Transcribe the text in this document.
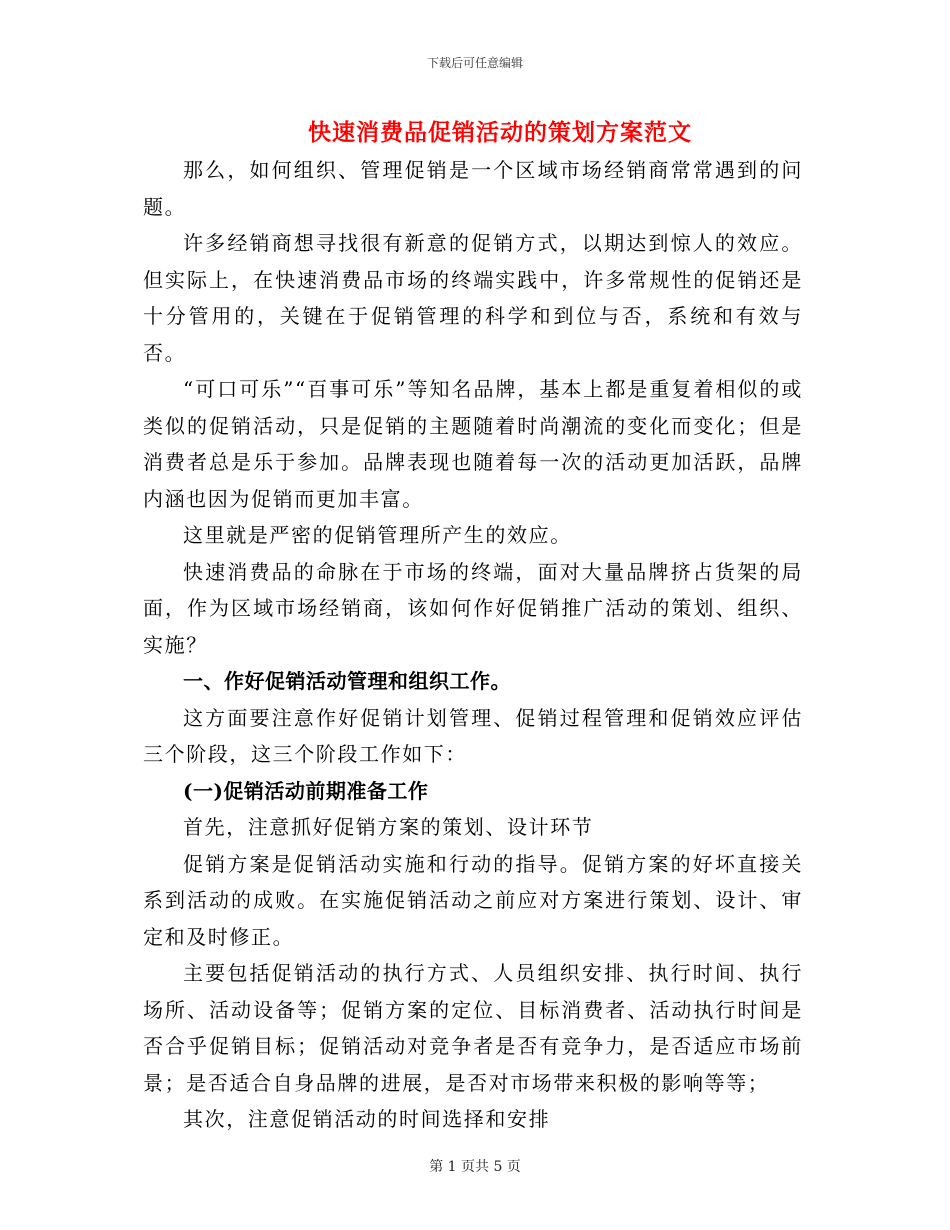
下载后可任意编辑
快速消费品促销活动的策划方案范文

那么，如何组织、管理促销是一个区域市场经销商常常遇到的问题。

许多经销商想寻找很有新意的促销方式，以期达到惊人的效应。但实际上，在快速消费品市场的终端实践中，许多常规性的促销还是十分管用的，关键在于促销管理的科学和到位与否，系统和有效与否。

“可口可乐”“百事可乐”等知名品牌，基本上都是重复着相似的或类似的促销活动，只是促销的主题随着时尚潮流的变化而变化；但是消费者总是乐于参加。品牌表现也随着每一次的活动更加活跃，品牌内涵也因为促销而更加丰富。

这里就是严密的促销管理所产生的效应。

快速消费品的命脉在于市场的终端，面对大量品牌挤占货架的局面，作为区域市场经销商，该如何作好促销推广活动的策划、组织、实施？

一、作好促销活动管理和组织工作。

这方面要注意作好促销计划管理、促销过程管理和促销效应评估三个阶段，这三个阶段工作如下：

(一)促销活动前期准备工作

首先，注意抓好促销方案的策划、设计环节

促销方案是促销活动实施和行动的指导。促销方案的好坏直接关系到活动的成败。在实施促销活动之前应对方案进行策划、设计、审定和及时修正。

主要包括促销活动的执行方式、人员组织安排、执行时间、执行场所、活动设备等；促销方案的定位、目标消费者、活动执行时间是否合乎促销目标；促销活动对竞争者是否有竞争力，是否适应市场前景；是否适合自身品牌的进展，是否对市场带来积极的影响等等；

其次，注意促销活动的时间选择和安排

第 1 页共 5 页
